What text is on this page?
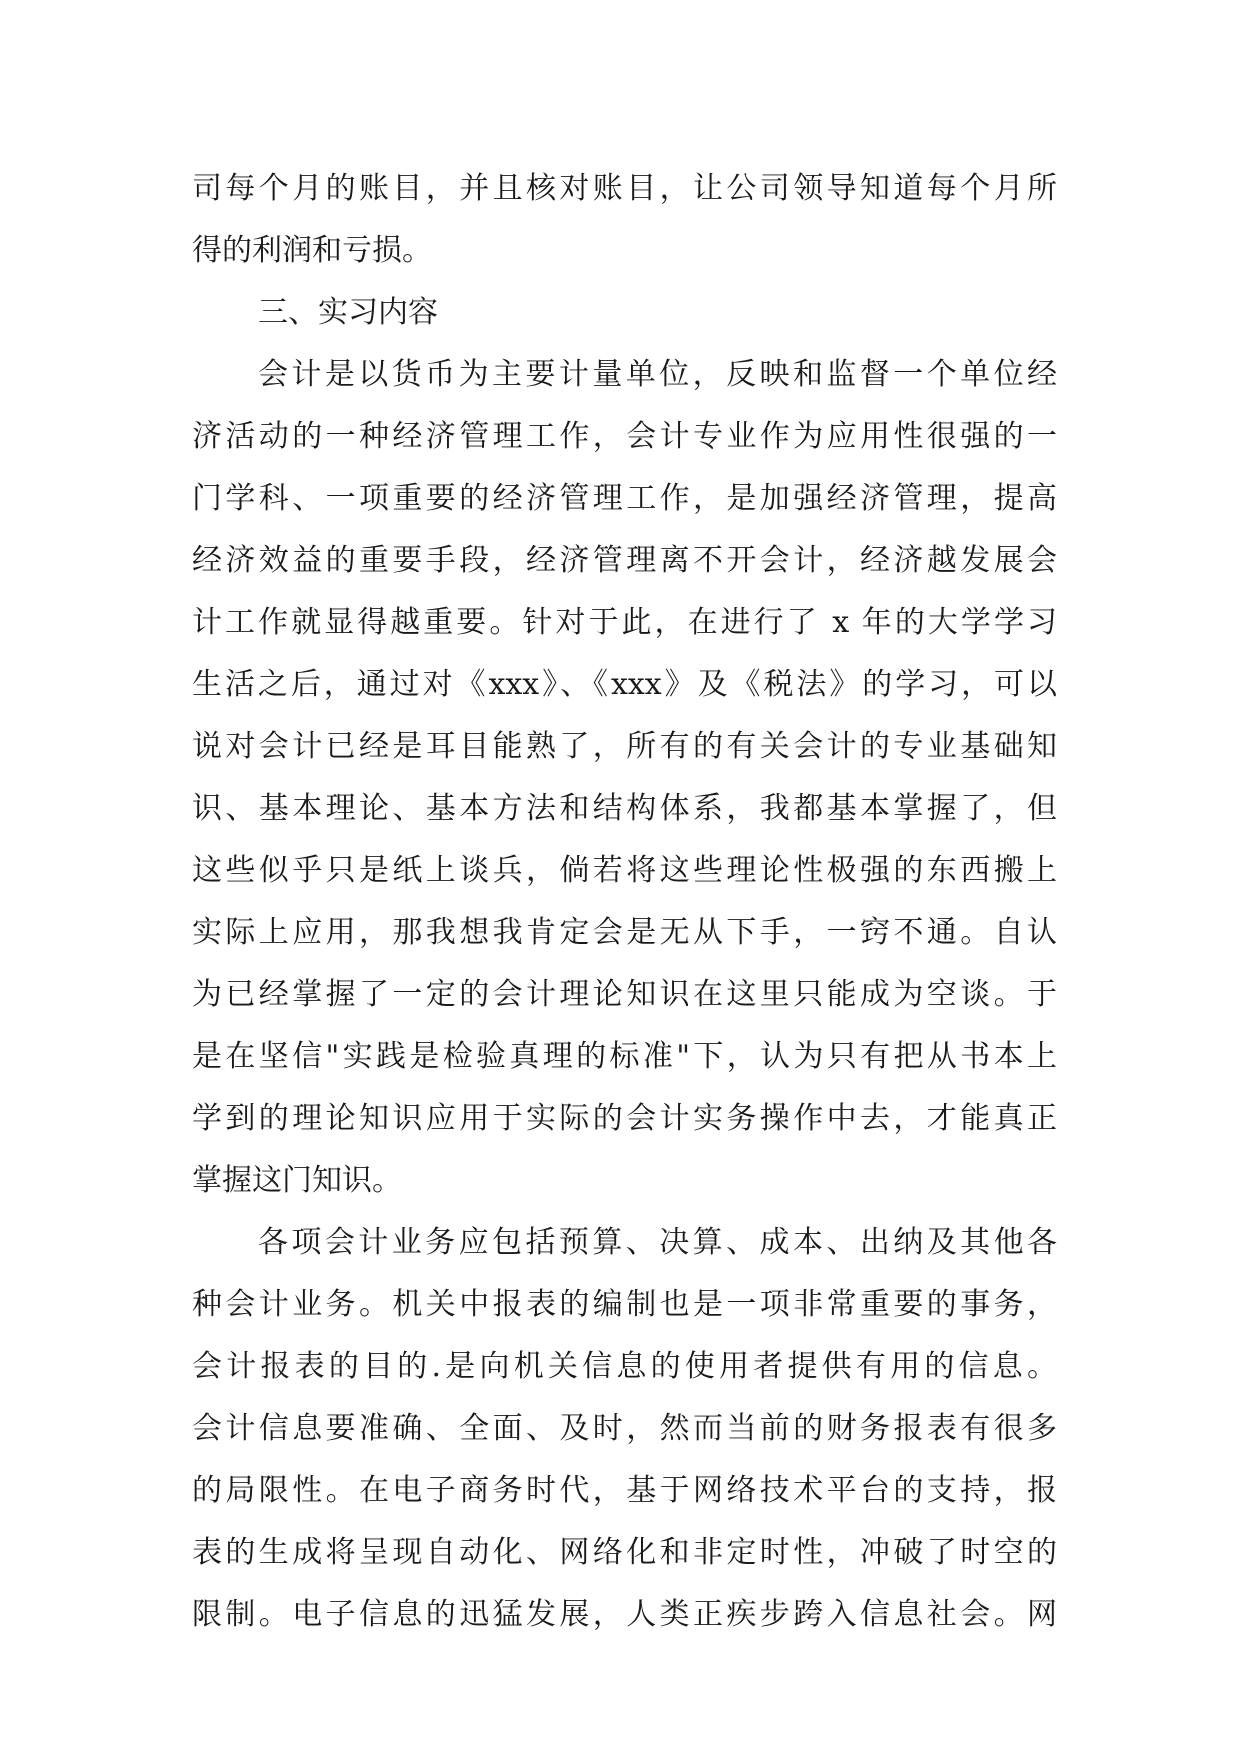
司每个月的账目，并且核对账目，让公司领导知道每个月所
得的利润和亏损。
三、实习内容
会计是以货币为主要计量单位，反映和监督一个单位经
济活动的一种经济管理工作，会计专业作为应用性很强的一
门学科、一项重要的经济管理工作，是加强经济管理，提高
经济效益的重要手段，经济管理离不开会计，经济越发展会
计工作就显得越重要。针对于此，在进行了 x 年的大学学习
生活之后，通过对《xxx》、《xxx》及《税法》的学习，可以
说对会计已经是耳目能熟了，所有的有关会计的专业基础知
识、基本理论、基本方法和结构体系，我都基本掌握了，但
这些似乎只是纸上谈兵，倘若将这些理论性极强的东西搬上
实际上应用，那我想我肯定会是无从下手，一窍不通。自认
为已经掌握了一定的会计理论知识在这里只能成为空谈。于
是在坚信"实践是检验真理的标准"下，认为只有把从书本上
学到的理论知识应用于实际的会计实务操作中去，才能真正
掌握这门知识。
各项会计业务应包括预算、决算、成本、出纳及其他各
种会计业务。机关中报表的编制也是一项非常重要的事务，
会计报表的目的.是向机关信息的使用者提供有用的信息。
会计信息要准确、全面、及时，然而当前的财务报表有很多
的局限性。在电子商务时代，基于网络技术平台的支持，报
表的生成将呈现自动化、网络化和非定时性，冲破了时空的
限制。电子信息的迅猛发展，人类正疾步跨入信息社会。网
